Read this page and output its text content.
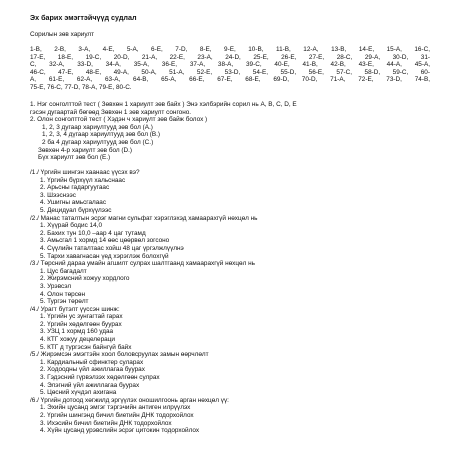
Эх барих эмэгтэйчүүд судлал
Сорилын зөв хариулт
1-В, 2-В, 3-А, 4-Е, 5-А, 6-Е, 7-D, 8-Е, 9-Е, 10-В, 11-В, 12-А, 13-В, 14-Е, 15-А, 16-С,
17-Е, 18-Е, 19-С, 20-D, 21-А, 22-Е, 23-А, 24-D, 25-Е, 26-Е, 27-Е, 28-С, 29-А, 30-D, 31-
С, 32-А, 33-D, 34-А, 35-А, 36-Е, 37-А, 38-А, 39-С, 40-Е, 41-В, 42-В, 43-Е, 44-А, 45-А,
46-С, 47-Е, 48-Е, 49-А, 50-А, 51-А, 52-Е, 53-D, 54-Е, 55-D, 56-Е, 57-С, 58-D, 59-С, 60-
А, 61-Е, 62-А, 63-А, 64-В, 65-А, 66-Е, 67-Е, 68-Е, 69-D, 70-D, 71-А, 72-Е, 73-D, 74-В,
75-Е, 76-С, 77-D, 78-А, 79-Е, 80-С.
1. Нэг сонголттой тест ( Зөвхөн 1 хариулт зөв байх ) Энэ хэлбэрийн сорил нь А, В, С, D, Е
гэсэн дугаартай бөгөөд Зөвхөн 1 зөв хариулт сонгоно.
2. Олон сонголттой тест ( Хэдэн ч хариулт зөв байж болох )
1, 2, 3 дугаар хариултууд зөв бол (А.)
1, 2, 3, 4 дүгаар хариултууд зөв бол (В.)
2 ба 4 дүгаар хариултууд зөв бол (С.)
Зөвхөн 4-р хариулт зөв бол (D.)
Бүх хариулт зөв бол (Е.)
/1./ Үргийн шингэн хаанаас үүсэх вэ?
1. Үргийн бүрхүүл хальснаас
2. Арьсны гадаргуугаас
3. Шээснээс
4. Ушигны амьсгалаас
5. Децидуал бүрхүүлээс
/2./ Манас таталтын эсрэг магни сульфат хэрэглэхэд хамаарахгүй нөхцөл нь
1. Хүүрай бодис 14,0
2. Бахих тун 10,0 –аар 4 цаг тутамд
3. Амьсгал 1 хормд 14 өөс цөөрвөл зогсоно
4. Сүүлийн таталтаас хойш 48 цаг үргэлжлүүлнэ
5. Тархи хавагнасан үед хэрэглэж болохгүй
/3./ Төрсний дараа умайн агшилт сулрах шалтгаанд хамаарахгүй нөхцөл нь
1. Цус багадалт
2. Жирэмсний хожуу хордлого
3. Урэвсэл
4. Олон төрсөн
5. Тургэн төрөлт
/4./ Урагт бүтэлт үүссэн шинж:
1. Үргийн ус зунгагтай гарах
2. Үргийн хөдөлгөөн буурах
3. УЗЦ 1 хормд 160 удаа
4. КТГ хожуу децелераци
5. КТГ д тургэсэн байнгүй байх
/5./ Жирэмсэн эмэгтэйн хоол боловсруулах замын өөрчлөлт
1. Кардиальный сфинктер суларах
2. Ходоодны үйл ажиллагаа буурах
3. Гэдэсний гүрвэлзэх хөдөлгөөн сулрах
4. Элэгний үйл ажиллагаа буурах
5. Цөсний хүчдэл ахигана
/6./ Үргийн дотоод хөгжилд эргүүлэх оношилгоонь арган нөхцөл үү:
1. Эхийн цусанд эмгэг тэргэчийн антиген илрүүлэх
2. Үргийн шингэнд бичил биетийн ДНК тодорхойлох
3. Ихэсийн бичил биетийн ДНК тодорхойлох
4. Хүйн цусанд урэвслийн эсрэг цитокин тодорхойлох
